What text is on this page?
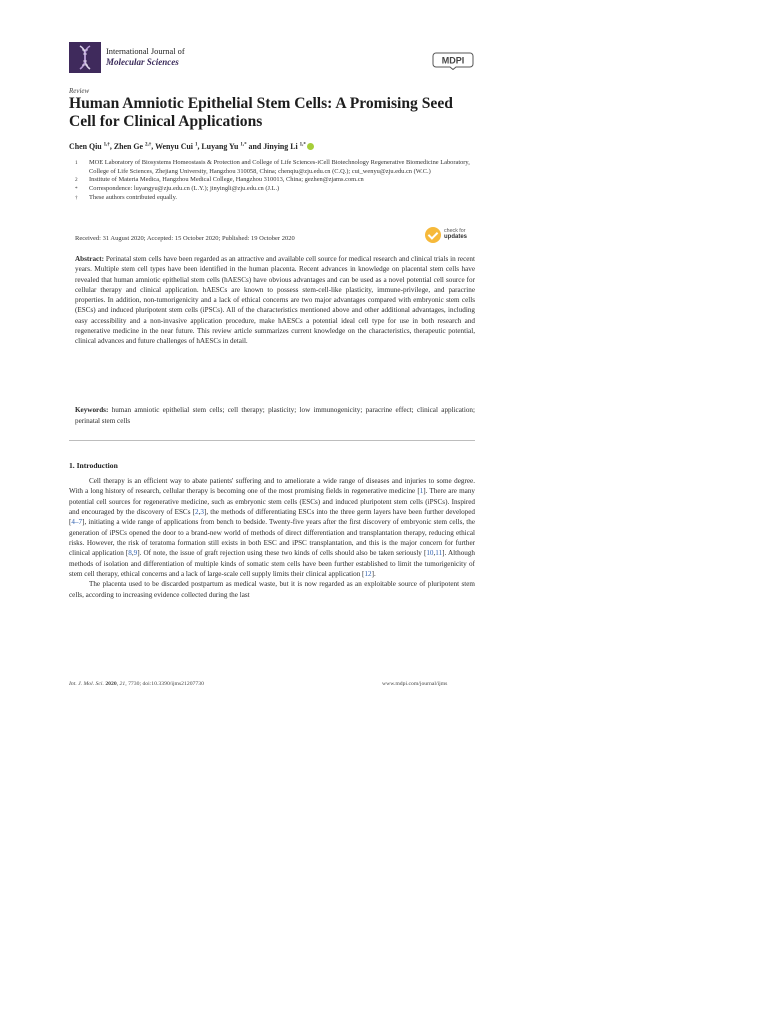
International Journal of
Molecular Sciences	MDPI
Review
Human Amniotic Epithelial Stem Cells: A Promising Seed Cell for Clinical Applications
Chen Qiu $^{1,\dagger}$, Zhen Ge $^{2,\dagger}$, Wenyu Cui $^1$, Luyang Yu $^{1,*}$ and Jinying Li $^{1,*}$

1 MOE Laboratory of Biosystems Homeostasis & Protection and College of Life Sciences-iCell Biotechnology Regenerative Biomedicine Laboratory, College of Life Sciences, Zhejiang University, Hangzhou 310058, China; chenqiu@zju.edu.cn (C.Q.); cui_wenyu@zju.edu.cn (W.C.)

2 Institute of Materia Medica, Hangzhou Medical College, Hangzhou 310013, China; gezhen@zjams.com.cn

* Correspondence: luyangyu@zju.edu.cn (L.Y.); jinyingli@zju.edu.cn (J.L.)

† These authors contributed equally.

Received: 31 August 2020; Accepted: 15 October 2020; Published: 19 October 2020
check for
updates

Abstract: Perinatal stem cells have been regarded as an attractive and available cell source for medical research and clinical trials in recent years. Multiple stem cell types have been identified in the human placenta. Recent advances in knowledge on placental stem cells have revealed that human amniotic epithelial stem cells (hAESCs) have obvious advantages and can be used as a novel potential cell source for cellular therapy and clinical application. hAESCs are known to possess stem-cell-like plasticity, immune-privilege, and paracrine properties. In addition, non-tumorigenicity and a lack of ethical concerns are two major advantages compared with embryonic stem cells (ESCs) and induced pluripotent stem cells (iPSCs). All of the characteristics mentioned above and other additional advantages, including easy accessibility and a non-invasive application procedure, make hAESCs a potential ideal cell type for use in both research and regenerative medicine in the near future. This review article summarizes current knowledge on the characteristics, therapeutic potential, clinical advances and future challenges of hAESCs in detail.

Keywords: human amniotic epithelial stem cells; cell therapy; plasticity; low immunogenicity; paracrine effect; clinical application; perinatal stem cells

1. Introduction

Cell therapy is an efficient way to abate patients' suffering and to ameliorate a wide range of diseases and injuries to some degree. With a long history of research, cellular therapy is becoming one of the most promising fields in regenerative medicine [1]. There are many potential cell sources for regenerative medicine, such as embryonic stem cells (ESCs) and induced pluripotent stem cells (iPSCs). Inspired and encouraged by the discovery of ESCs [2,3], the methods of differentiating ESCs into the three germ layers have been further developed [4–7], initiating a wide range of applications from bench to bedside. Twenty-five years after the first discovery of embryonic stem cells, the generation of iPSCs opened the door to a brand-new world of methods of direct differentiation and transplantation therapy, reducing ethical risks. However, the risk of teratoma formation still exists in both ESC and iPSC transplantation, and this is the major concern for further clinical application [8,9]. Of note, the issue of graft rejection using these two kinds of cells should also be taken seriously [10,11]. Although methods of isolation and differentiation of multiple kinds of somatic stem cells have been further established to limit the tumorigenicity of stem cell therapy, ethical concerns and a lack of large-scale cell supply limits their clinical application [12].

The placenta used to be discarded postpartum as medical waste, but it is now regarded as an exploitable source of pluripotent stem cells, according to increasing evidence collected during the last

Int. J. Mol. Sci. 2020, 21, 7730; doi:10.3390/ijms21207730	www.mdpi.com/journal/ijms
